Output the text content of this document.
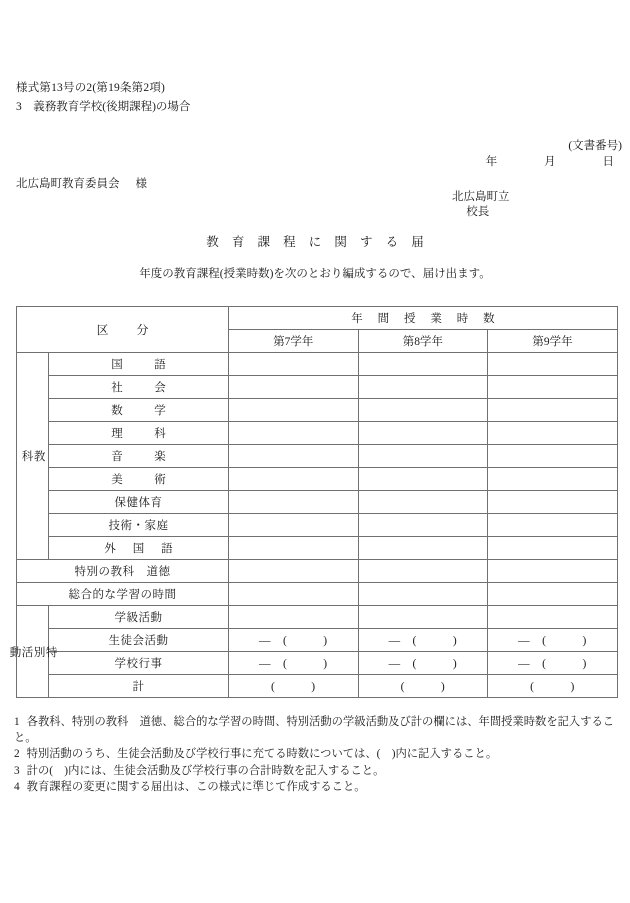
様式第13号の2(第19条第2項)
3　義務教育学校(後期課程)の場合
(文書番号)
年	月	日
北広島町教育委員会 様
北広島町立
校長
教 育 課 程 に 関 す る 届
年度の教育課程(授業時数)を次のとおり編成するので、届け出ます。
区　分		年 間 授 業 時 数		
		第7学年	第8学年	第9学年

教
科	国　語			
	社　会			
	数　学			
	理　科			
	音　楽			
	美　術			
	保健体育			
	技術・家庭			
	外 国 語			
特別の教科　道徳				
総合的な学習の時間				

特
別
活
動	学級活動			
	生徒会活動	—　(　　　)	—　(　　　)	—　(　　　)
	学校行事	—　(　　　)	—　(　　　)	—　(　　　)
	計	(　　　)	(　　　)	(　　　)
1 各教科、特別の教科　道徳、総合的な学習の時間、特別活動の学級活動及び計の欄には、年間授業時数を記入すること。
2 特別活動のうち、生徒会活動及び学校行事に充てる時数については、(　)内に記入すること。
3 計の(　)内には、生徒会活動及び学校行事の合計時数を記入すること。
4 教育課程の変更に関する届出は、この様式に準じて作成すること。
